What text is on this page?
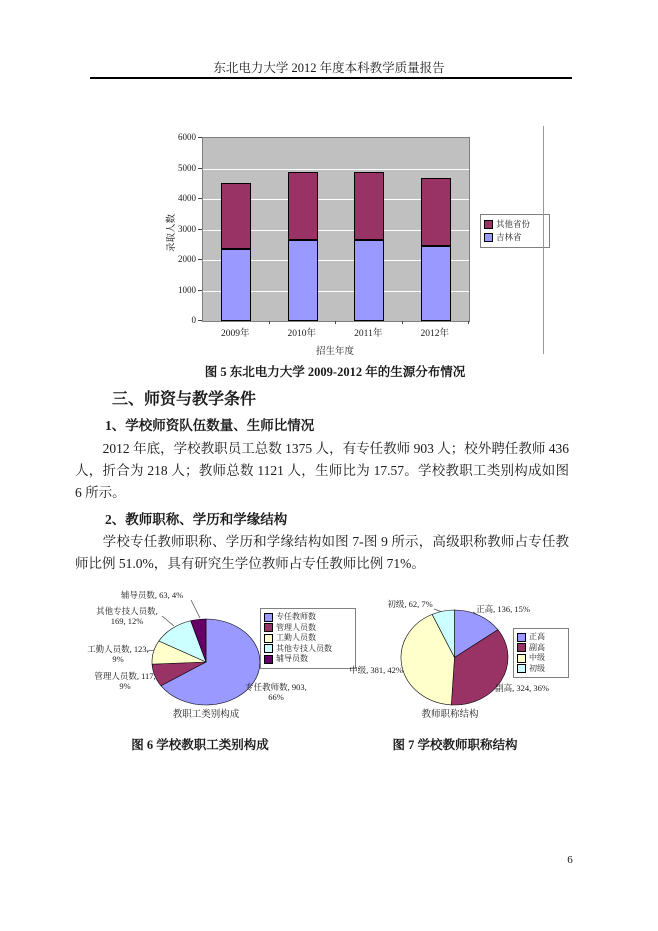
东北电力大学 2012 年度本科教学质量报告
录取人数
招生年度
其他省份
吉林省
0
1000
2000
3000
4000
5000
6000
2009年	2010年	2011年	2012年
图 5 东北电力大学 2009-2012 年的生源分布情况
三、师资与教学条件
1、学校师资队伍数量、生师比情况

2012 年底，学校教职员工总数 1375 人，有专任教师 903 人；校外聘任教师 436 人，折合为 218 人；教师总数 1121 人，生师比为 17.57。学校教职工类别构成如图 6 所示。

2、教师职称、学历和学缘结构

学校专任教师职称、学历和学缘结构如图 7-图 9 所示，高级职称教师占专任教师比例 51.0%，具有研究生学位教师占专任教师比例 71%。

辅导员数, 63, 4%
其他专技人员数, 169, 12%
工勤人员数, 123, 9%
管理人员数, 117, 9%	专任教师数, 903, 66%
教职工类别构成
专任教师数
管理人员数
工勤人员数
其他专技人员数
辅导员数
初级, 62, 7%	正高, 136, 15%
副高, 324, 36%
中级, 381, 42%
教师职称结构
正高
副高
中级
初级
图 6 学校教职工类别构成	图 7 学校教师职称结构
6
